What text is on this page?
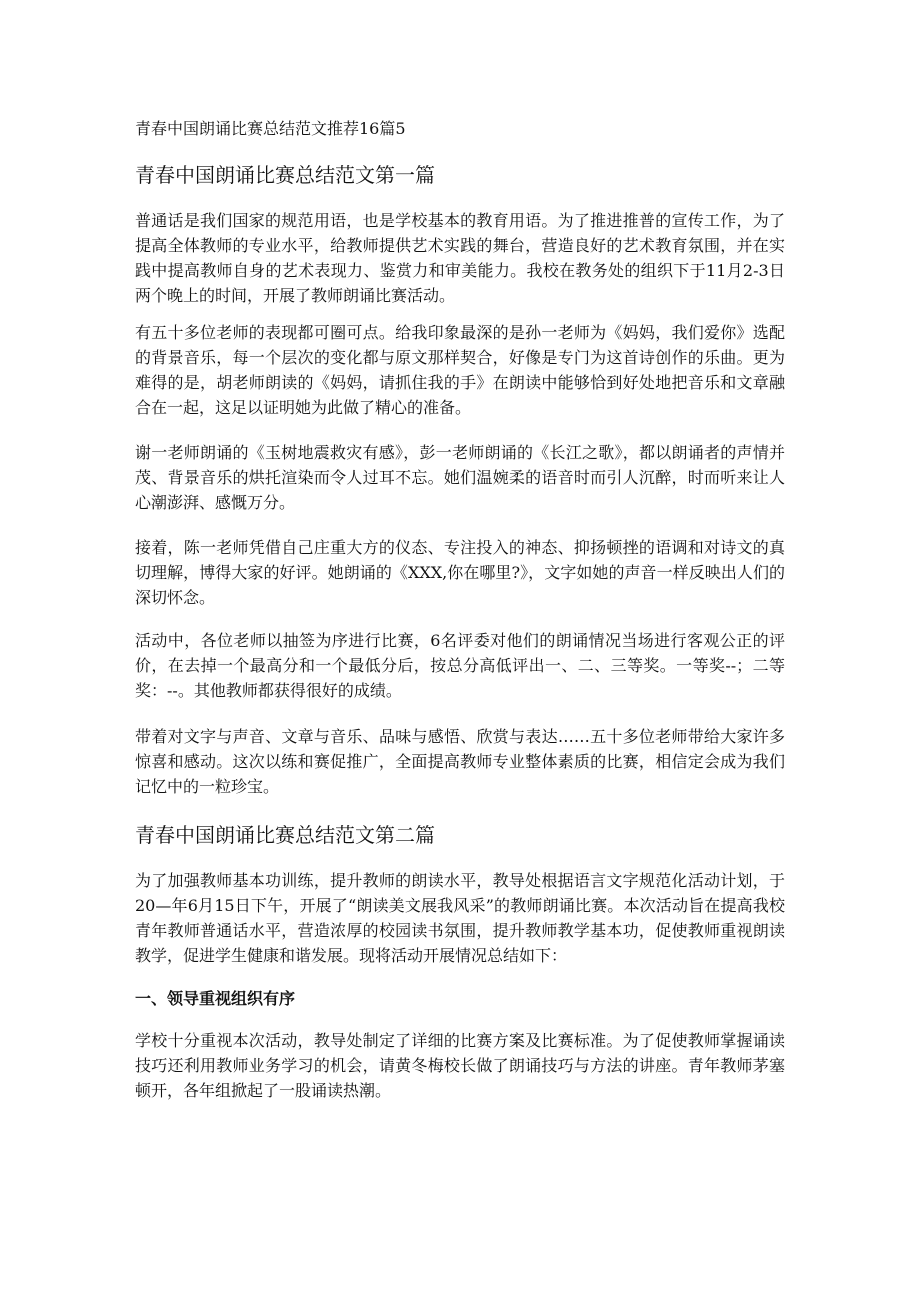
青春中国朗诵比赛总结范文推荐16篇5
青春中国朗诵比赛总结范文第一篇

普通话是我们国家的规范用语，也是学校基本的教育用语。为了推进推普的宣传工作，为了提高全体教师的专业水平，给教师提供艺术实践的舞台，营造良好的艺术教育氛围，并在实践中提高教师自身的艺术表现力、鉴赏力和审美能力。我校在教务处的组织下于11月2-3日两个晚上的时间，开展了教师朗诵比赛活动。

有五十多位老师的表现都可圈可点。给我印象最深的是孙一老师为《妈妈，我们爱你》选配的背景音乐，每一个层次的变化都与原文那样契合，好像是专门为这首诗创作的乐曲。更为难得的是，胡老师朗读的《妈妈，请抓住我的手》在朗读中能够恰到好处地把音乐和文章融合在一起，这足以证明她为此做了精心的准备。

谢一老师朗诵的《玉树地震救灾有感》，彭一老师朗诵的《长江之歌》，都以朗诵者的声情并茂、背景音乐的烘托渲染而令人过耳不忘。她们温婉柔的语音时而引人沉醉，时而听来让人心潮澎湃、感慨万分。

接着，陈一老师凭借自己庄重大方的仪态、专注投入的神态、抑扬顿挫的语调和对诗文的真切理解，博得大家的好评。她朗诵的《XXX,你在哪里?》，文字如她的声音一样反映出人们的深切怀念。

活动中，各位老师以抽签为序进行比赛，6名评委对他们的朗诵情况当场进行客观公正的评价，在去掉一个最高分和一个最低分后，按总分高低评出一、二、三等奖。一等奖--；二等奖：--。其他教师都获得很好的成绩。

带着对文字与声音、文章与音乐、品味与感悟、欣赏与表达……五十多位老师带给大家许多惊喜和感动。这次以练和赛促推广，全面提高教师专业整体素质的比赛，相信定会成为我们记忆中的一粒珍宝。

青春中国朗诵比赛总结范文第二篇

为了加强教师基本功训练，提升教师的朗读水平，教导处根据语言文字规范化活动计划，于20—年6月15日下午，开展了“朗读美文展我风采”的教师朗诵比赛。本次活动旨在提高我校青年教师普通话水平，营造浓厚的校园读书氛围，提升教师教学基本功，促使教师重视朗读教学，促进学生健康和谐发展。现将活动开展情况总结如下：

一、领导重视组织有序

学校十分重视本次活动，教导处制定了详细的比赛方案及比赛标准。为了促使教师掌握诵读技巧还利用教师业务学习的机会，请黄冬梅校长做了朗诵技巧与方法的讲座。青年教师茅塞顿开，各年组掀起了一股诵读热潮。
